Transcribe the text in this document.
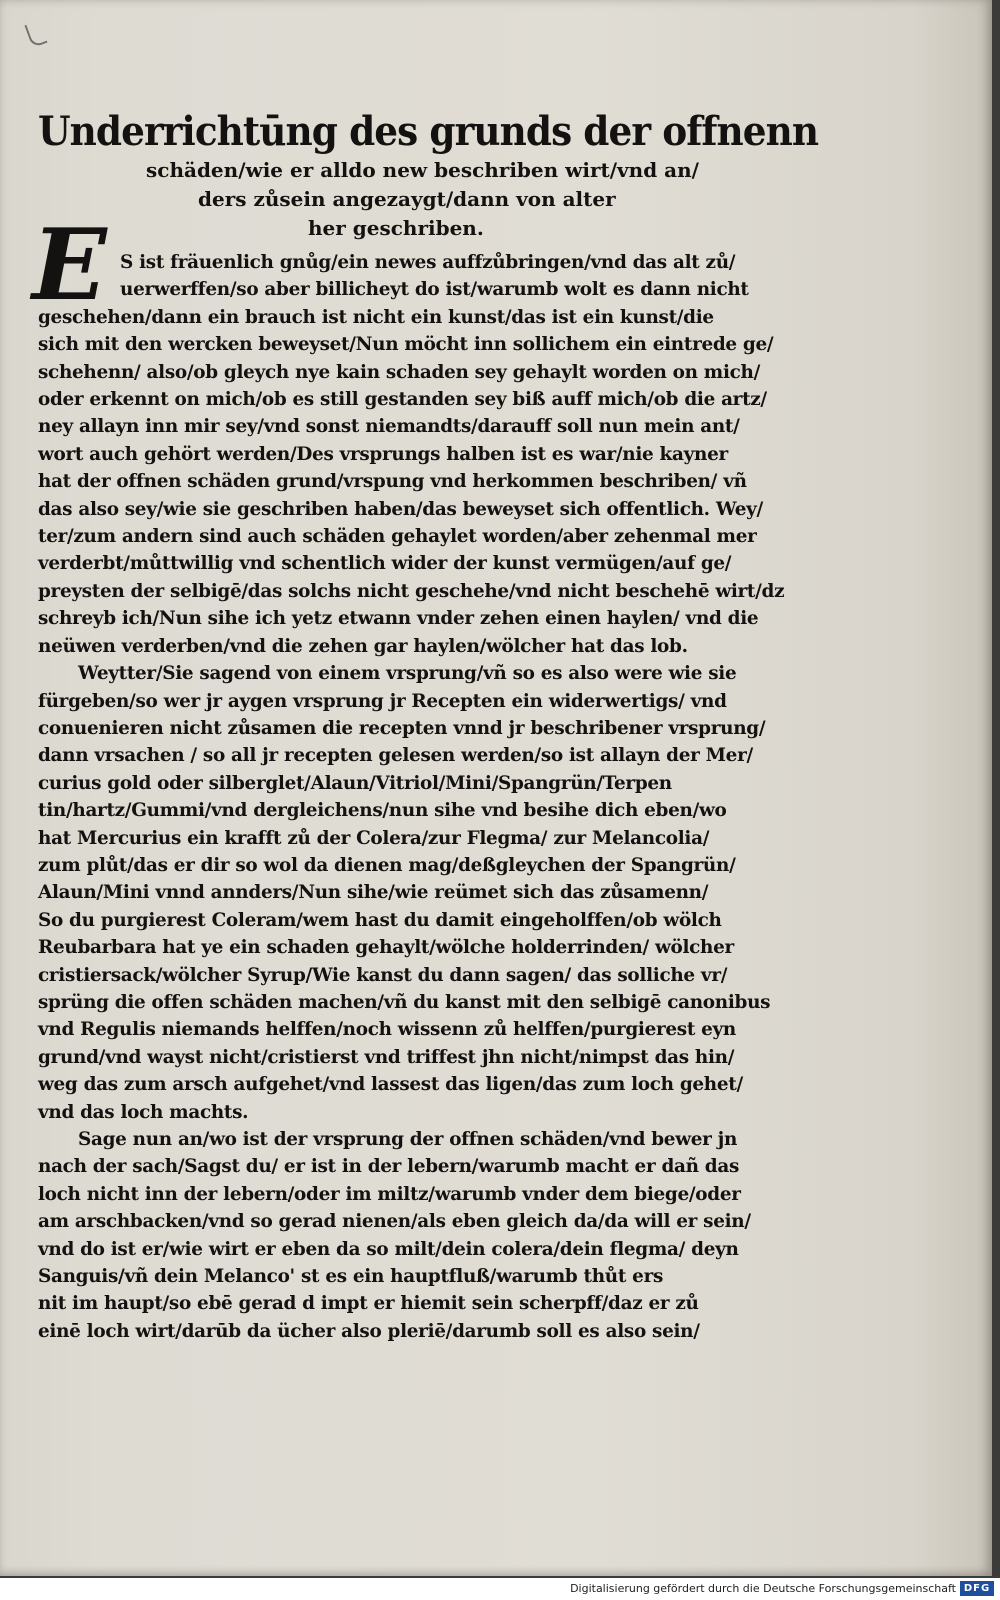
Underrichtūng des grunds der offnenn

schäden/wie er alldo new beschriben wirt/vnd an/

ders zůsein angezaygt/dann von alter

her geschriben.

E S ist fräuenlich gnůg/ein newes auffzůbringen/vnd das alt zů/

uerwerffen/so aber billicheyt do ist/warumb wolt es dann nicht

geschehen/dann ein brauch ist nicht ein kunst/das ist ein kunst/die

sich mit den wercken beweyset/Nun möcht inn sollichem ein eintrede ge/

schehenn/ also/ob gleych nye kain schaden sey gehaylt worden on mich/

oder erkennt on mich/ob es still gestanden sey biß auff mich/ob die artz/

ney allayn inn mir sey/vnd sonst niemandts/darauff soll nun mein ant/

wort auch gehört werden/Des vrsprungs halben ist es war/nie kayner

hat der offnen schäden grund/vrspung vnd herkommen beschriben/ vñ

das also sey/wie sie geschriben haben/das beweyset sich offentlich. Wey/

ter/zum andern sind auch schäden gehaylet worden/aber zehenmal mer

verderbt/můttwillig vnd schentlich wider der kunst vermügen/auf ge/

preysten der selbigē/das solchs nicht geschehe/vnd nicht beschehē wirt/dz

schreyb ich/Nun sihe ich yetz etwann vnder zehen einen haylen/ vnd die

neüwen verderben/vnd die zehen gar haylen/wölcher hat das lob.

Weytter/Sie sagend von einem vrsprung/vñ so es also were wie sie

fürgeben/so wer jr aygen vrsprung jr Recepten ein widerwertigs/ vnd

conuenieren nicht zůsamen die recepten vnnd jr beschribener vrsprung/

dann vrsachen / so all jr recepten gelesen werden/so ist allayn der Mer/

curius gold oder silberglet/Alaun/Vitriol/Mini/Spangrün/Terpen

tin/hartz/Gummi/vnd dergleichens/nun sihe vnd besihe dich eben/wo

hat Mercurius ein krafft zů der Colera/zur Flegma/ zur Melancolia/

zum plůt/das er dir so wol da dienen mag/deßgleychen der Spangrün/

Alaun/Mini vnnd annders/Nun sihe/wie reümet sich das zůsamenn/

So du purgierest Coleram/wem hast du damit eingeholffen/ob wölch

Reubarbara hat ye ein schaden gehaylt/wölche holderrinden/ wölcher

cristiersack/wölcher Syrup/Wie kanst du dann sagen/ das solliche vr/

sprüng die offen schäden machen/vñ du kanst mit den selbigē canonibus

vnd Regulis niemands helffen/noch wissenn zů helffen/purgierest eyn

grund/vnd wayst nicht/cristierst vnd triffest jhn nicht/nimpst das hin/

weg das zum arsch aufgehet/vnd lassest das ligen/das zum loch gehet/

vnd das loch machts.

Sage nun an/wo ist der vrsprung der offnen schäden/vnd bewer jn

nach der sach/Sagst du/ er ist in der lebern/warumb macht er dañ das

loch nicht inn der lebern/oder im miltz/warumb vnder dem biege/oder

am arschbacken/vnd so gerad nienen/als eben gleich da/da will er sein/

vnd do ist er/wie wirt er eben da so milt/dein colera/dein flegma/ deyn

Sanguis/vñ dein Melanco' st es ein hauptfluß/warumb thůt ers

nit im haupt/so ebē gerad d impt er hiemit sein scherpff/daz er zů

einē loch wirt/darūb da ücher also pleriē/darumb soll es also sein/

Digitalisierung gefördert durch die Deutsche Forschungsgemeinschaft DFG
